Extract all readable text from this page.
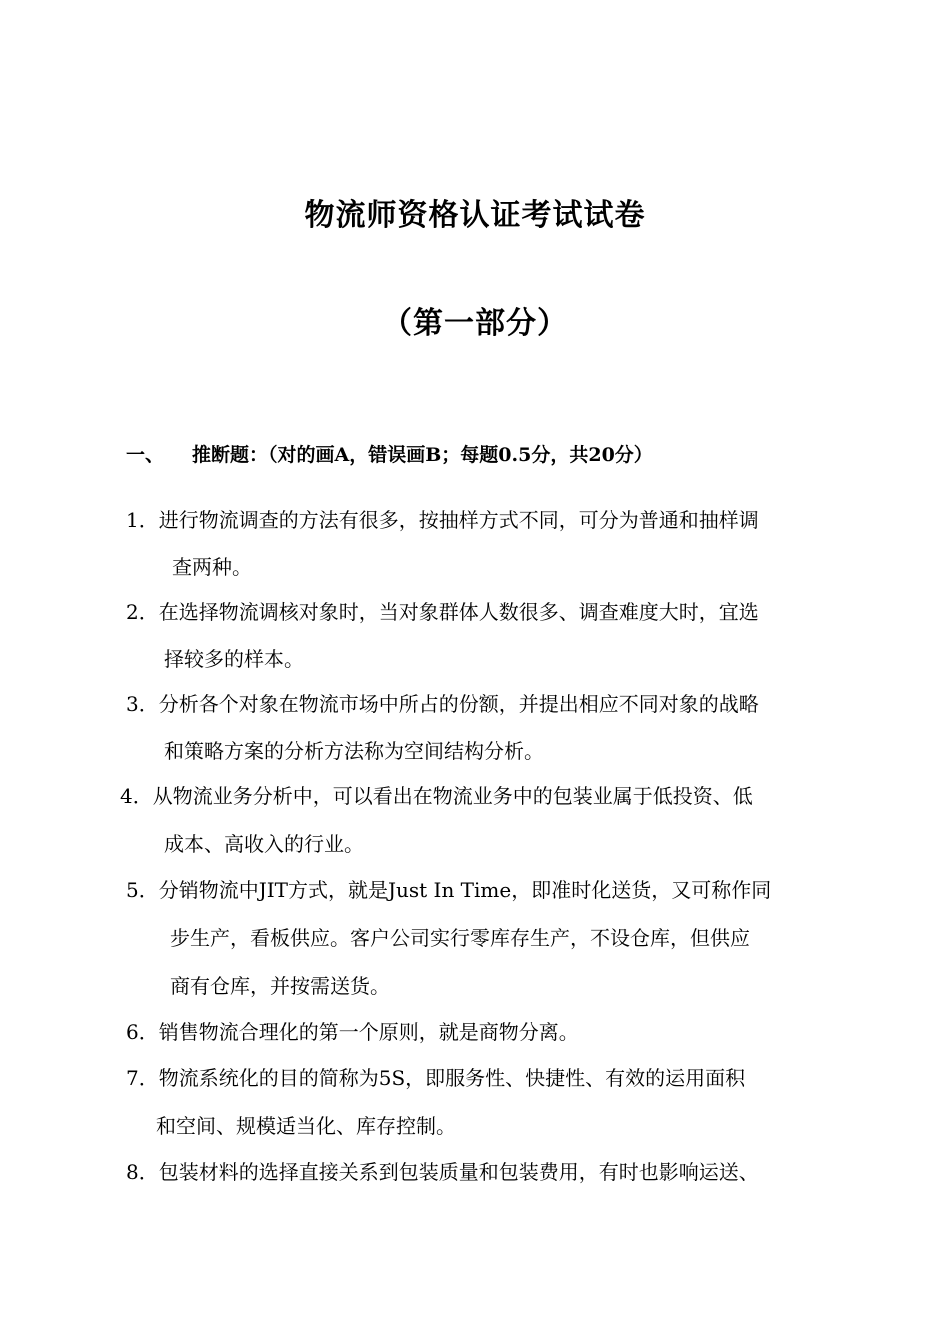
物流师资格认证考试试卷
（第一部分）
一、 推断题：（对的画A，错误画B；每题0.5分，共20分）
1．进行物流调查的方法有很多，按抽样方式不同，可分为普通和抽样调
查两种。
2．在选择物流调核对象时，当对象群体人数很多、调查难度大时，宜选
择较多的样本。
3．分析各个对象在物流市场中所占的份额，并提出相应不同对象的战略
和策略方案的分析方法称为空间结构分析。
4．从物流业务分析中，可以看出在物流业务中的包装业属于低投资、低
成本、高收入的行业。
5．分销物流中JIT方式，就是Just In Time，即准时化送货，又可称作同
步生产，看板供应。客户公司实行零库存生产，不设仓库，但供应
商有仓库，并按需送货。
6．销售物流合理化的第一个原则，就是商物分离。
7．物流系统化的目的简称为5S，即服务性、快捷性、有效的运用面积
和空间、规模适当化、库存控制。
8．包装材料的选择直接关系到包装质量和包装费用，有时也影响运送、
